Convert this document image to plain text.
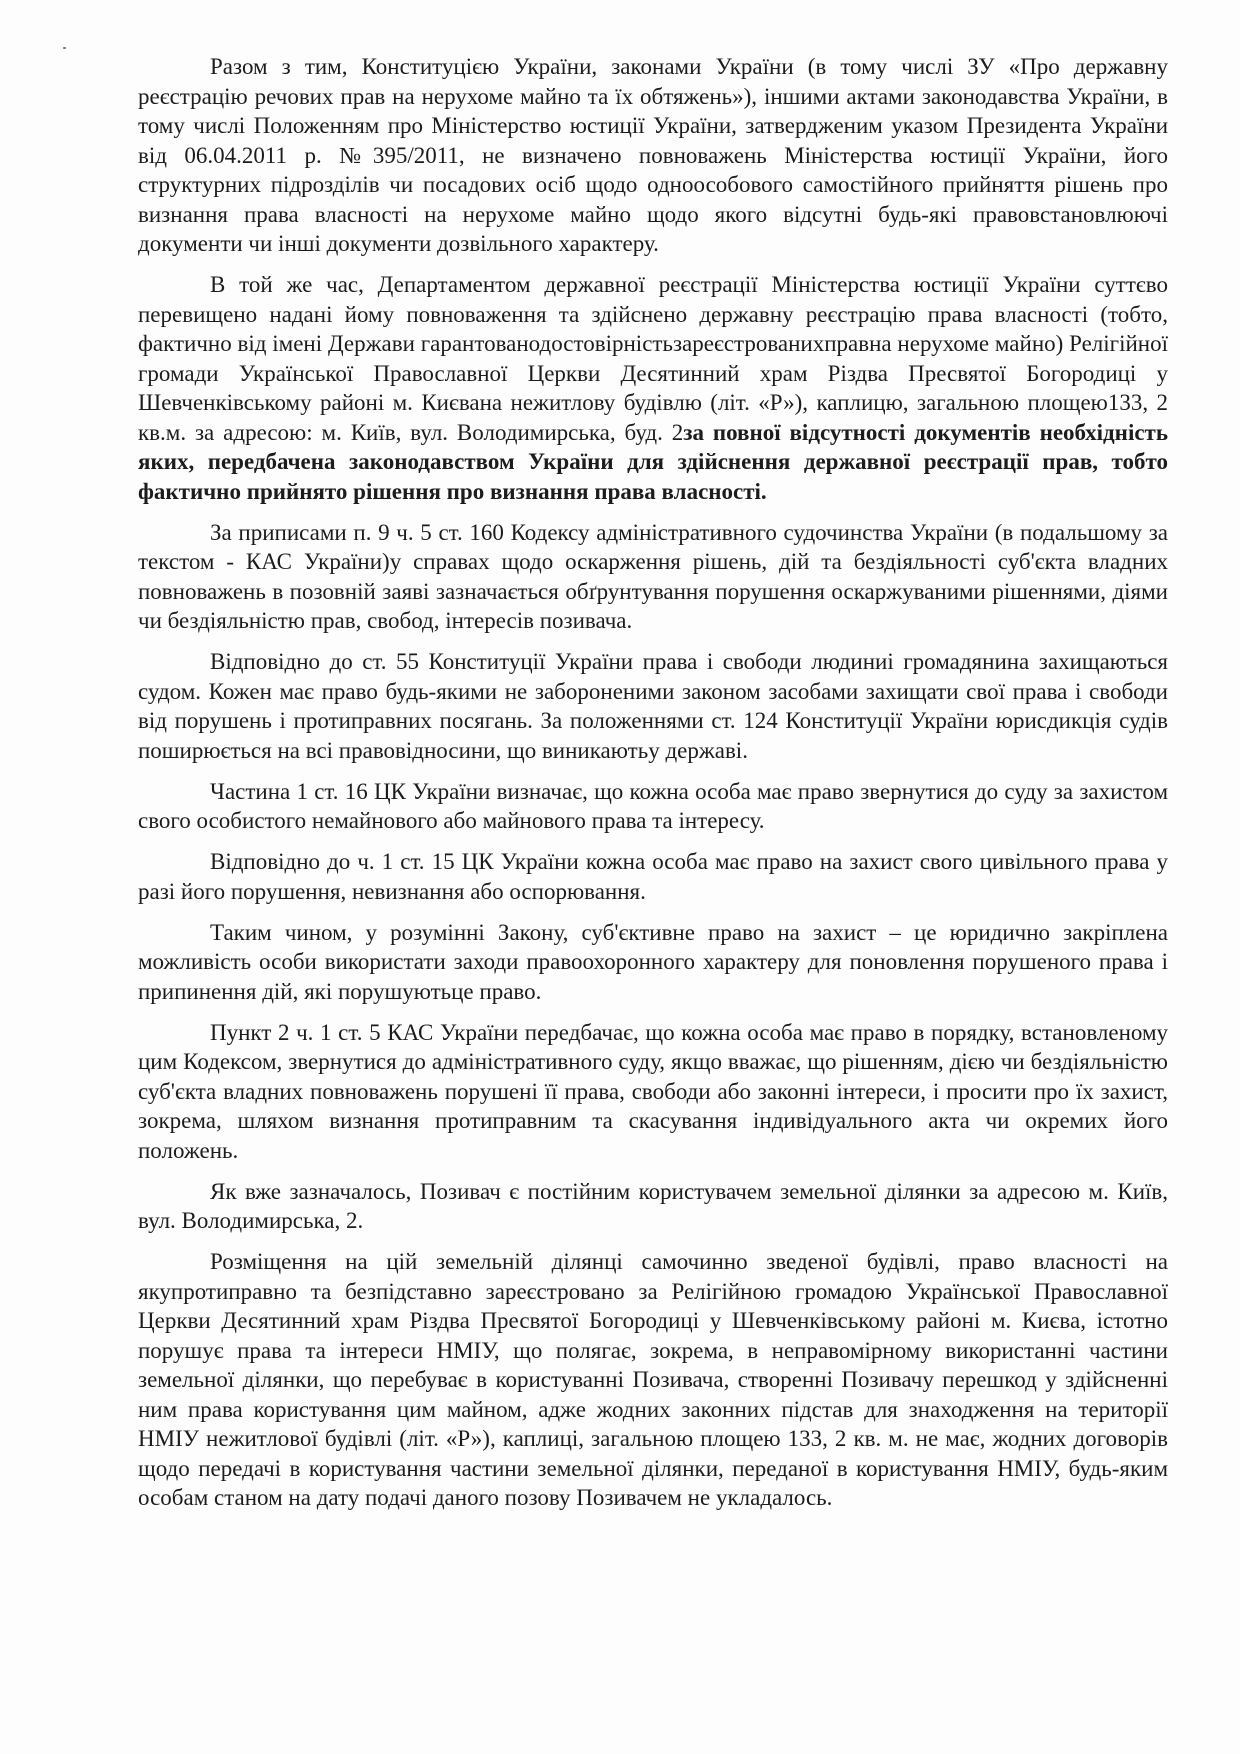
Разом з тим, Конституцією України, законами України (в тому числі ЗУ «Про державну реєстрацію речових прав на нерухоме майно та їх обтяжень»), іншими актами законодавства України, в тому числі Положенням про Міністерство юстиції України, затвердженим указом Президента України від 06.04.2011 р. №395/2011, не визначено повноважень Міністерства юстиції України, його структурних підрозділів чи посадових осіб щодо одноособового самостійного прийняття рішень про визнання права власності на нерухоме майно щодо якого відсутні будь-які правовстановлюючі документи чи інші документи дозвільного характеру.

В той же час, Департаментом державної реєстрації Міністерства юстиції України суттєво перевищено надані йому повноваження та здійснено державну реєстрацію права власності (тобто, фактично від імені Держави гарантованодостовірністьзареєстрованихправна нерухоме майно) Релігійної громади Української Православної Церкви Десятинний храм Різдва Пресвятої Богородиці у Шевченківському районі м. Києвана нежитлову будівлю (літ. «Р»), каплицю, загальною площею133, 2 кв.м. за адресою: м. Київ, вул. Володимирська, буд. 2за повної відсутності документів необхідність яких, передбачена законодавством України для здійснення державної реєстрації прав, тобто фактично прийнято рішення про визнання права власності.

За приписами п. 9 ч. 5 ст. 160 Кодексу адміністративного судочинства України (в подальшому за текстом - КАС України)у справах щодо оскарження рішень, дій та бездіяльності суб'єкта владних повноважень в позовній заяві зазначається обґрунтування порушення оскаржуваними рішеннями, діями чи бездіяльністю прав, свобод, інтересів позивача.

Відповідно до ст. 55 Конституції України права і свободи людиниі громадянина захищаються судом. Кожен має право будь-якими не забороненими законом засобами захищати свої права і свободи від порушень і протиправних посягань. За положеннями ст. 124 Конституції України юрисдикція судів поширюється на всі правовідносини, що виникаютьу державі.

Частина 1 ст. 16 ЦК України визначає, що кожна особа має право звернутися до суду за захистом свого особистого немайнового або майнового права та інтересу.

Відповідно до ч. 1 ст. 15 ЦК України кожна особа має право на захист свого цивільного права у разі його порушення, невизнання або оспорювання.

Таким чином, у розумінні Закону, суб'єктивне право на захист – це юридично закріплена можливість особи використати заходи правоохоронного характеру для поновлення порушеного права і припинення дій, які порушуютьце право.

Пункт 2 ч. 1 ст. 5 КАС України передбачає, що кожна особа має право в порядку, встановленому цим Кодексом, звернутися до адміністративного суду, якщо вважає, що рішенням, дією чи бездіяльністю суб'єкта владних повноважень порушені її права, свободи або законні інтереси, і просити про їх захист, зокрема, шляхом визнання протиправним та скасування індивідуального акта чи окремих його положень.

Як вже зазначалось, Позивач є постійним користувачем земельної ділянки за адресою м. Київ, вул. Володимирська, 2.

Розміщення на цій земельній ділянці самочинно зведеної будівлі, право власності на якупротиправно та безпідставно зареєстровано за Релігійною громадою Української Православної Церкви Десятинний храм Різдва Пресвятої Богородиці у Шевченківському районі м. Києва, істотно порушує права та інтереси НМІУ, що полягає, зокрема, в неправомірному використанні частини земельної ділянки, що перебуває в користуванні Позивача, створенні Позивачу перешкод у здійсненні ним права користування цим майном, адже жодних законних підстав для знаходження на території НМІУ нежитлової будівлі (літ. «Р»), каплиці, загальною площею 133, 2 кв. м. не має, жодних договорів щодо передачі в користування частини земельної ділянки, переданої в користування НМІУ, будь-яким особам станом на дату подачі даного позову Позивачем не укладалось.
